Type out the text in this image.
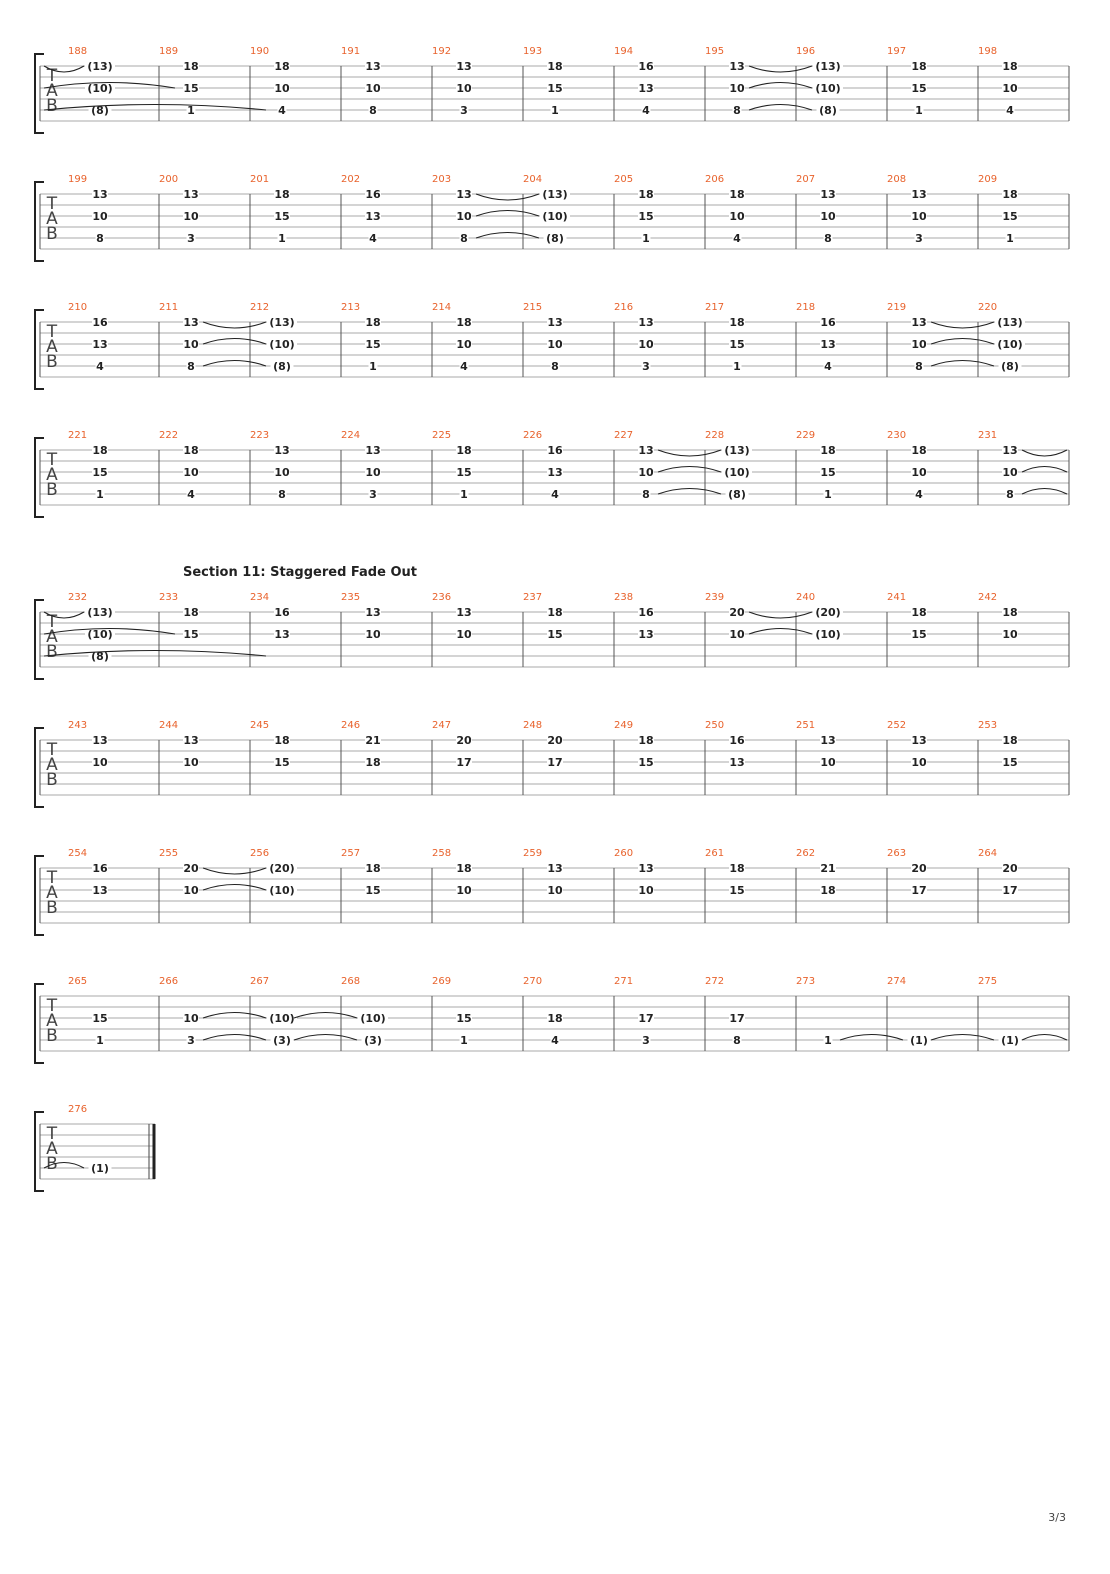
T
A
B
188
(13)
(10)
(8)
189
18
15
1
190
18
10
4
191
13
10
8
192
13
10
3
193
18
15
1
194
16
13
4
195
13
10
8
196
(13)
(10)
(8)
197
18
15
1
198
18
10
4
T
A
B
199
13
10
8
200
13
10
3
201
18
15
1
202
16
13
4
203
13
10
8
204
(13)
(10)
(8)
205
18
15
1
206
18
10
4
207
13
10
8
208
13
10
3
209
18
15
1
T
A
B
210
16
13
4
211
13
10
8
212
(13)
(10)
(8)
213
18
15
1
214
18
10
4
215
13
10
8
216
13
10
3
217
18
15
1
218
16
13
4
219
13
10
8
220
(13)
(10)
(8)
T
A
B
221
18
15
1
222
18
10
4
223
13
10
8
224
13
10
3
225
18
15
1
226
16
13
4
227
13
10
8
228
(13)
(10)
(8)
229
18
15
1
230
18
10
4
231
13
10
8
T
A
B
232
(13)
(10)
(8)
233
18
15
234
16
13
235
13
10
236
13
10
237
18
15
238
16
13
239
20
10
240
(20)
(10)
241
18
15
242
18
10
T
A
B
243
13
10
244
13
10
245
18
15
246
21
18
247
20
17
248
20
17
249
18
15
250
16
13
251
13
10
252
13
10
253
18
15
T
A
B
254
16
13
255
20
10
256
(20)
(10)
257
18
15
258
18
10
259
13
10
260
13
10
261
18
15
262
21
18
263
20
17
264
20
17
T
A
B
265
15
1
266
10
3
267
(10)
(3)
268
(10)
(3)
269
15
1
270
18
4
271
17
3
272
17
8
273
1
274
(1)
275
(1)
T
A
B
276
(1)
Section 11: Staggered Fade Out
3/3
